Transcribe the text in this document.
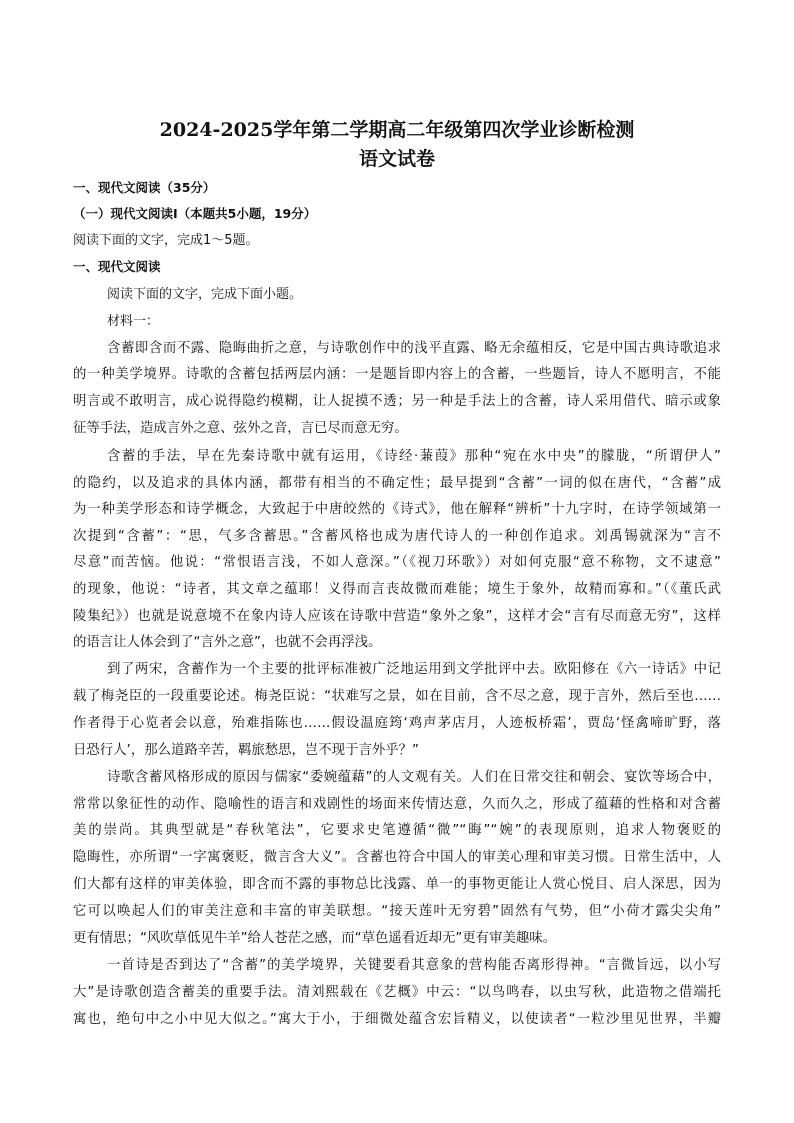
2024-2025学年第二学期高二年级第四次学业诊断检测
语文试卷
一、现代文阅读（35分）
（一）现代文阅读Ⅰ（本题共5小题，19分）
阅读下面的文字，完成1～5题。
一、现代文阅读
阅读下面的文字，完成下面小题。
材料一：
含蓄即含而不露、隐晦曲折之意，与诗歌创作中的浅平直露、略无余蕴相反，它是中国古典诗歌追求
的一种美学境界。诗歌的含蓄包括两层内涵：一是题旨即内容上的含蓄，一些题旨，诗人不愿明言，不能
明言或不敢明言，成心说得隐约模糊，让人捉摸不透；另一种是手法上的含蓄，诗人采用借代、暗示或象
征等手法，造成言外之意、弦外之音，言已尽而意无穷。
含蓄的手法，早在先秦诗歌中就有运用，《诗经·蒹葭》那种“宛在水中央”的朦胧，“所谓伊人”
的隐约，以及追求的具体内涵，都带有相当的不确定性；最早提到“含蓄”一词的似在唐代，“含蓄”成
为一种美学形态和诗学概念，大致起于中唐皎然的《诗式》，他在解释“辨析”十九字时，在诗学领域第一
次提到“含蓄”：“思，气多含蓄思。”含蓄风格也成为唐代诗人的一种创作追求。刘禹锡就深为“言不
尽意”而苦恼。他说：“常恨语言浅，不如人意深。”（《视刀环歌》）对如何克服“意不称物，文不逮意”
的现象，他说：“诗者，其文章之蕴耶！义得而言丧故微而难能；境生于象外，故精而寡和。”（《董氏武
陵集纪》）也就是说意境不在象内诗人应该在诗歌中营造“象外之象”，这样才会“言有尽而意无穷”，这样
的语言让人体会到了“言外之意”，也就不会再浮浅。
到了两宋，含蓄作为一个主要的批评标准被广泛地运用到文学批评中去。欧阳修在《六一诗话》中记
载了梅尧臣的一段重要论述。梅尧臣说：“状难写之景，如在目前，含不尽之意，现于言外，然后至也……
作者得于心览者会以意，殆难指陈也……假设温庭筠‘鸡声茅店月，人迹板桥霜’，贾岛‘怪禽啼旷野，落
日恐行人’，那么道路辛苦，羁旅愁思，岂不现于言外乎？”
诗歌含蓄风格形成的原因与儒家“委婉蕴藉”的人文观有关。人们在日常交往和朝会、宴饮等场合中，
常常以象征性的动作、隐喻性的语言和戏剧性的场面来传情达意，久而久之，形成了蕴藉的性格和对含蓄
美的崇尚。其典型就是“春秋笔法”，它要求史笔遵循“微”“晦”“婉”的表现原则，追求人物褒贬的
隐晦性，亦所谓“一字寓褒贬，微言含大义”。含蓄也符合中国人的审美心理和审美习惯。日常生活中，人
们大都有这样的审美体验，即含而不露的事物总比浅露、单一的事物更能让人赏心悦目、启人深思，因为
它可以唤起人们的审美注意和丰富的审美联想。“接天莲叶无穷碧”固然有气势，但“小荷才露尖尖角”
更有情思；“风吹草低见牛羊”给人苍茫之感，而“草色遥看近却无”更有审美趣味。
一首诗是否到达了“含蓄”的美学境界，关键要看其意象的营构能否离形得神。“言微旨远，以小写
大”是诗歌创造含蓄美的重要手法。清刘熙载在《艺概》中云：“以鸟鸣春，以虫写秋，此造物之借端托
寓也，绝句中之小中见大似之。”寓大于小，于细微处蕴含宏旨精义，以使读者“一粒沙里见世界，半瓣
